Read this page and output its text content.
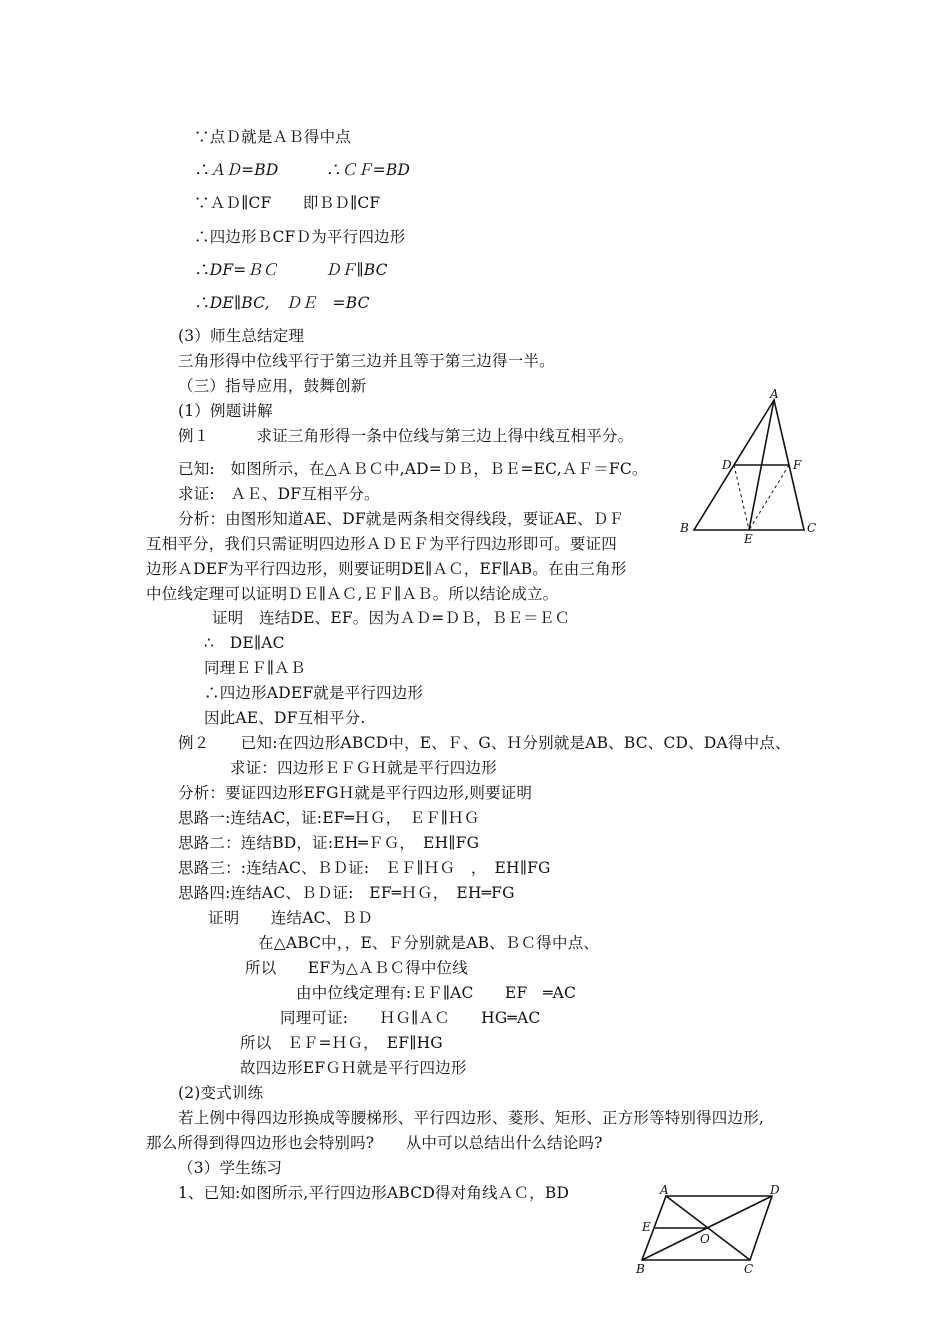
∵点Ｄ就是ＡＢ得中点
∴ＡＤ=BD　　　∴ＣＦ=BD
∵ＡＤ∥CF　　即ＢＤ∥CF
∴四边形ＢCFＤ为平行四边形
∴DF=ＢＣ　　　ＤＦ∥BC
∴DE∥BC,　ＤＥ　=BC
(3）师生总结定理
三角形得中位线平行于第三边并且等于第三边得一半。
（三）指导应用，鼓舞创新
(1）例题讲解
例１　　　求证三角形得一条中位线与第三边上得中线互相平分。
已知:　如图所示，在△ＡＢＣ中,AD=ＤＢ，ＢＥ=EC,ＡＦ＝FC。
求证:　ＡＥ、DF互相平分。
分析：由图形知道AE、DF就是两条相交得线段，要证AE、ＤＦ
互相平分，我们只需证明四边形ＡＤＥＦ为平行四边形即可。要证四
边形ＡDEF为平行四边形，则要证明DE∥ＡＣ，EF∥AB。在由三角形
中位线定理可以证明ＤＥ∥ＡＣ,ＥＦ∥ＡＢ。所以结论成立。
证明　连结DE、EF。因为ＡＤ=ＤＢ，ＢＥ＝ＥＣ
∴　DE∥AC
同理ＥＦ∥ＡＢ
∴四边形ADEF就是平行四边形
因此AE、DF互相平分.
例２　　已知:在四边形ABCD中，E、Ｆ、G、Ｈ分别就是AB、BC、CD、DA得中点、
求证：四边形ＥＦＧＨ就是平行四边形
分析：要证四边形EFGＨ就是平行四边形,则要证明
思路一:连结AC，证:EF═ＨＧ，　ＥＦ∥ＨＧ
思路二：连结BD，证:EH═ＦＧ，　EH∥FG
思路三：:连结AC、ＢＤ证:　ＥＦ∥ＨＧ　，　EH∥FG
思路四:连结AC、ＢＤ证:　EF═ＨＧ，　EH═FG
证明　　连结AC、ＢＤ
在△ABC中，，E、Ｆ分别就是AB、ＢＣ得中点、
所以　　EF为△ＡＢＣ得中位线
由中位线定理有:ＥＦ∥AC　　EF　═AC
同理可证:　　ＨＧ∥ＡＣ　　HG═AC
所以　ＥＦ=ＨＧ，　EF∥HG
故四边形EFＧＨ就是平行四边形
(2)变式训练
若上例中得四边形换成等腰梯形、平行四边形、菱形、矩形、正方形等特别得四边形,
那么所得到得四边形也会特别吗?　　从中可以总结出什么结论吗?
（3）学生练习
1、已知:如图所示,平行四边形ABCD得对角线ＡＣ，BD
A
B	C
D
E
F
A	D
E
O
B	C
